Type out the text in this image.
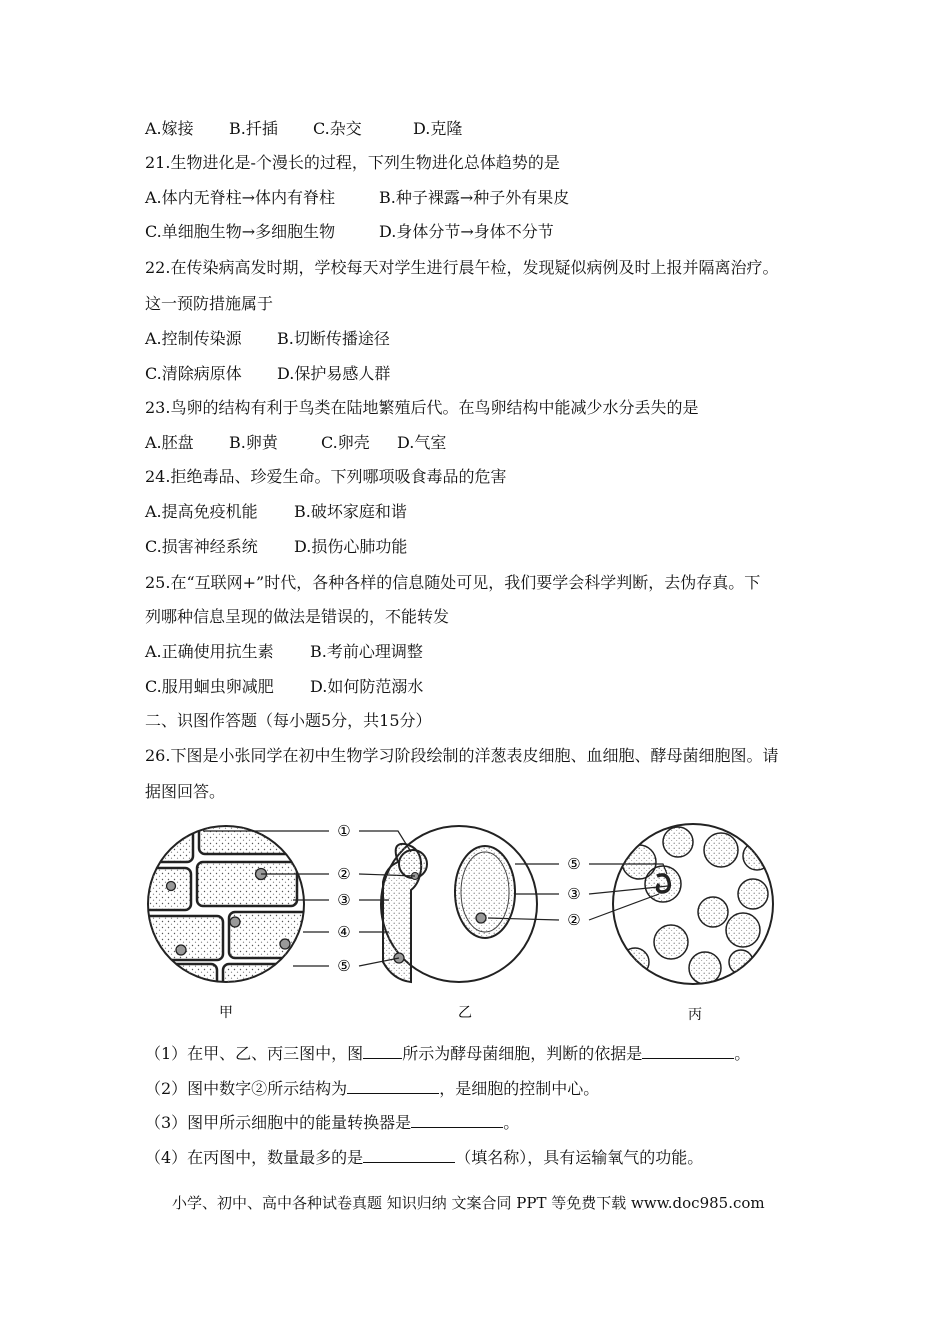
A.嫁接 B.扦插 C.杂交	D.克隆
21.生物进化是-个漫长的过程，下列生物进化总体趋势的是
A.体内无脊柱→体内有脊柱	B.种子裸露→种子外有果皮
C.单细胞生物→多细胞生物	D.身体分节→身体不分节
22.在传染病高发时期，学校每天对学生进行晨午检，发现疑似病例及时上报并隔离治疗。
这一预防措施属于
A.控制传染源 B.切断传播途径
C.清除病原体 D.保护易感人群
23.鸟卵的结构有利于鸟类在陆地繁殖后代。在鸟卵结构中能减少水分丢失的是
A.胚盘 B.卵黄	C.卵壳 D.气室
24.拒绝毒品、珍爱生命。下列哪项吸食毒品的危害
A.提高免疫机能 B.破坏家庭和谐
C.损害神经系统 D.损伤心肺功能
25.在“互联网+”时代，各种各样的信息随处可见，我们要学会科学判断，去伪存真。下
列哪种信息呈现的做法是错误的，不能转发
A.正确使用抗生素 B.考前心理调整
C.服用蛔虫卵减肥 D.如何防范溺水
二、识图作答题（每小题5分，共15分）
26.下图是小张同学在初中生物学习阶段绘制的洋葱表皮细胞、血细胞、酵母菌细胞图。请
据图回答。
甲	乙	丙
①
②
③
④
⑤
⑤
③
②
（1）在甲、乙、丙三图中，图 所示为酵母菌细胞，判断的依据是	。
（2）图中数字②所示结构为	，是细胞的控制中心。
（3）图甲所示细胞中的能量转换器是	。
（4）在丙图中，数量最多的是	（填名称），具有运输氧气的功能。
小学、初中、高中各种试卷真题 知识归纳 文案合同 PPT 等免费下载 www.doc985.com
